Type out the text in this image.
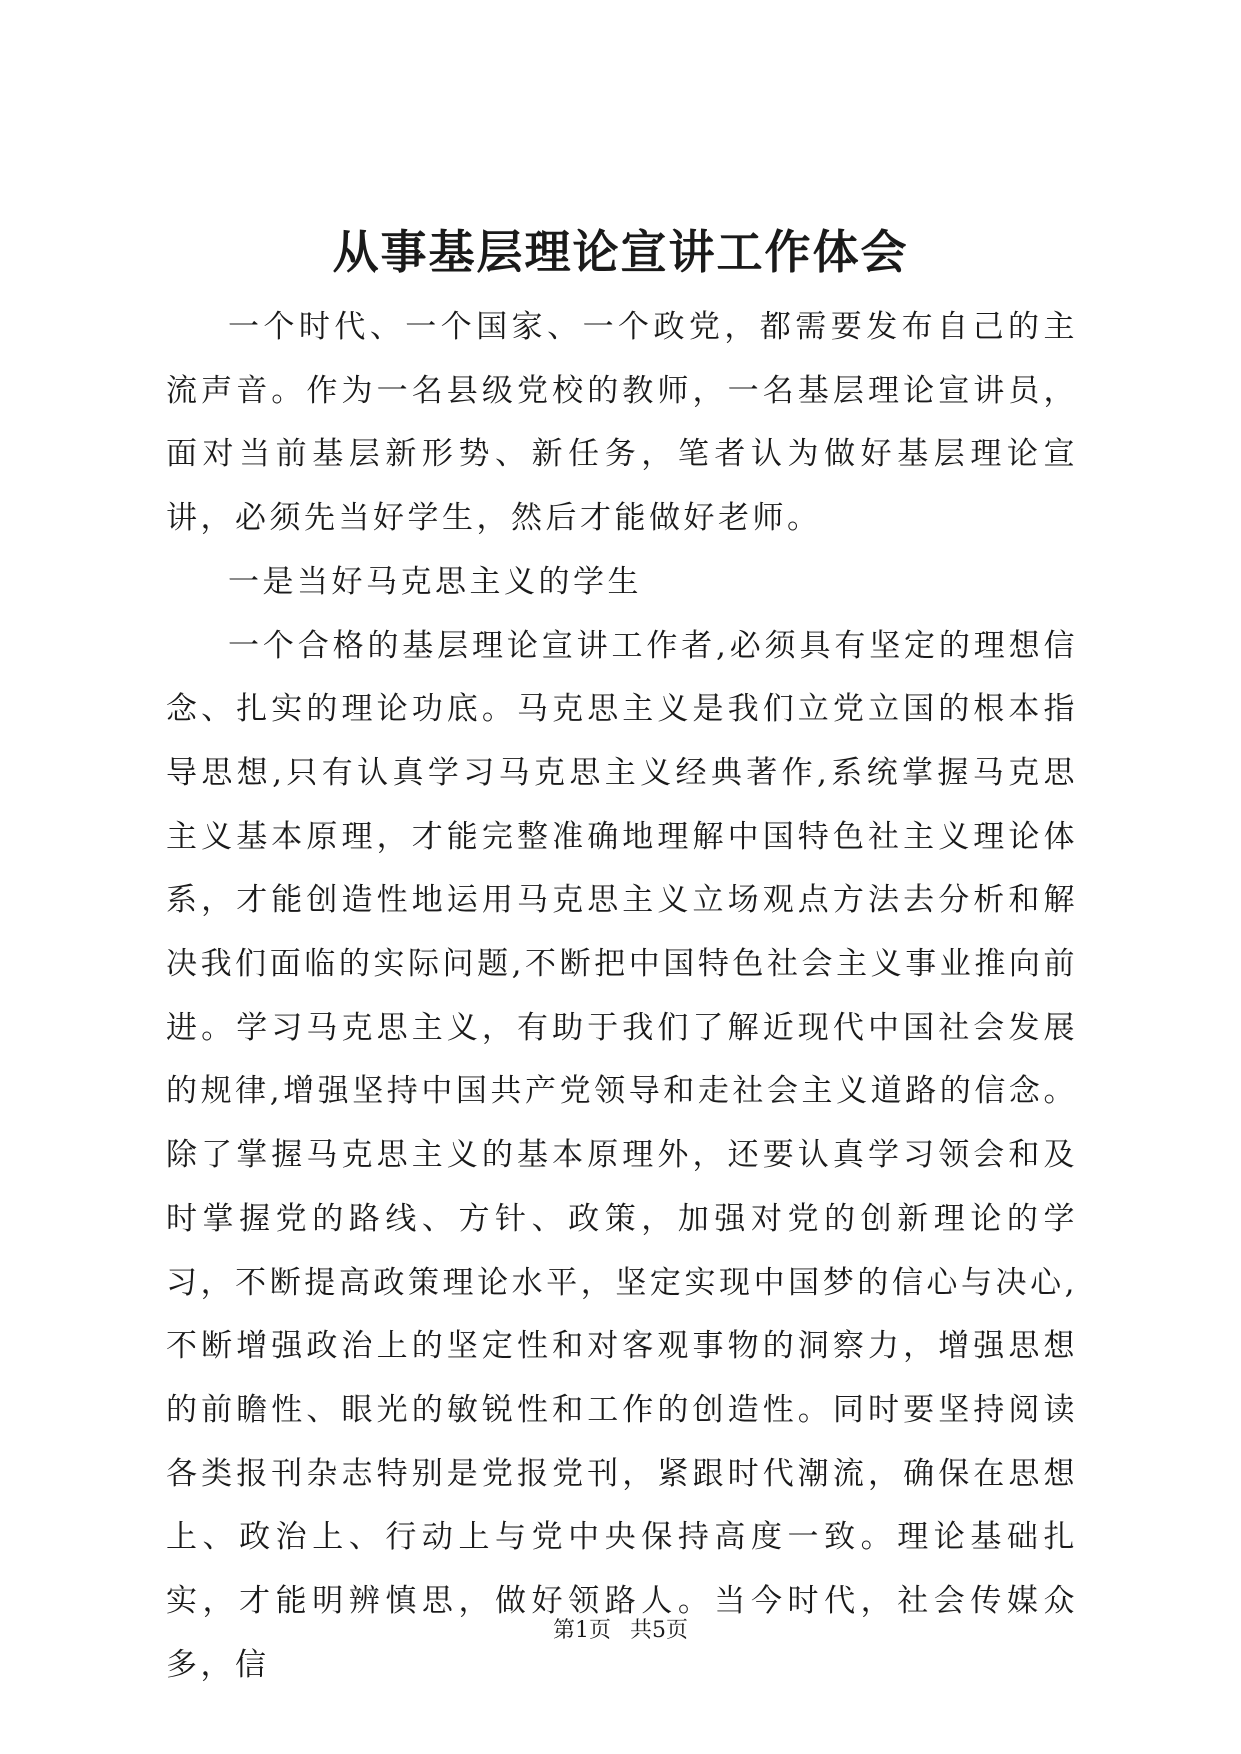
从事基层理论宣讲工作体会

一个时代、一个国家、一个政党，都需要发布自己的主流声音。作为一名县级党校的教师，一名基层理论宣讲员，面对当前基层新形势、新任务，笔者认为做好基层理论宣讲，必须先当好学生，然后才能做好老师。

一是当好马克思主义的学生

一个合格的基层理论宣讲工作者,必须具有坚定的理想信念、扎实的理论功底。马克思主义是我们立党立国的根本指导思想,只有认真学习马克思主义经典著作,系统掌握马克思主义基本原理，才能完整准确地理解中国特色社主义理论体系，才能创造性地运用马克思主义立场观点方法去分析和解决我们面临的实际问题,不断把中国特色社会主义事业推向前进。学习马克思主义，有助于我们了解近现代中国社会发展的规律,增强坚持中国共产党领导和走社会主义道路的信念。除了掌握马克思主义的基本原理外，还要认真学习领会和及时掌握党的路线、方针、政策，加强对党的创新理论的学习，不断提高政策理论水平，坚定实现中国梦的信心与决心,不断增强政治上的坚定性和对客观事物的洞察力，增强思想的前瞻性、眼光的敏锐性和工作的创造性。同时要坚持阅读各类报刊杂志特别是党报党刊，紧跟时代潮流，确保在思想上、政治上、行动上与党中央保持高度一致。理论基础扎实，才能明辨慎思，做好领路人。当今时代，社会传媒众多，信

第1页 共5页
